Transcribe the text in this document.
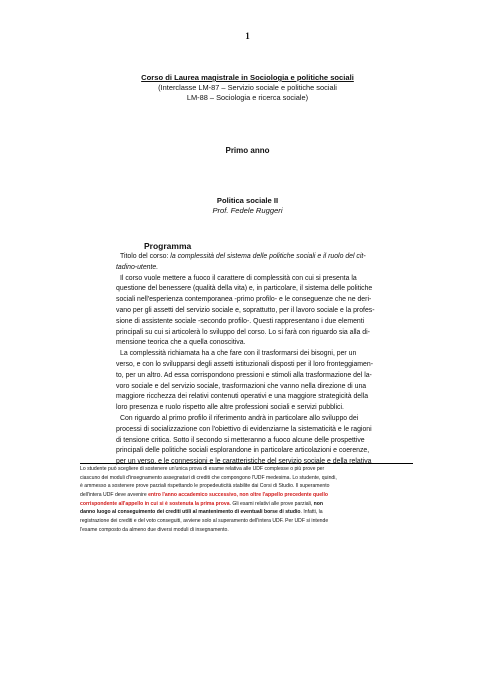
1
Corso di Laurea magistrale in Sociologia e politiche sociali
(Interclasse LM-87 – Servizio sociale e politiche sociali
LM-88 – Sociologia e ricerca sociale)
Primo anno
Politica sociale II
Prof. Fedele Ruggeri
Programma
Titolo del corso: la complessità del sistema delle politiche sociali e il ruolo del cit-
tadino-utente.
Il corso vuole mettere a fuoco il carattere di complessità con cui si presenta la
questione del benessere (qualità della vita) e, in particolare, il sistema delle politiche
sociali nell'esperienza contemporanea -primo profilo- e le conseguenze che ne deri-
vano per gli assetti del servizio sociale e, soprattutto, per il lavoro sociale e la profes-
sione di assistente sociale -secondo profilo-. Questi rappresentano i due elementi
principali su cui si articolerà lo sviluppo del corso. Lo si farà con riguardo sia alla di-
mensione teorica che a quella conoscitiva.
La complessità richiamata ha a che fare con il trasformarsi dei bisogni, per un
verso, e con lo svilupparsi degli assetti istituzionali disposti per il loro fronteggiamen-
to, per un altro. Ad essa corrispondono pressioni e stimoli alla trasformazione del la-
voro sociale e del servizio sociale, trasformazioni che vanno nella direzione di una
maggiore ricchezza dei relativi contenuti operativi e una maggiore strategicità della
loro presenza e ruolo rispetto alle altre professioni sociali e servizi pubblici.
Con riguardo al primo profilo il riferimento andrà in particolare allo sviluppo dei
processi di socializzazione con l'obiettivo di evidenziarne la sistematicità e le ragioni
di tensione critica. Sotto il secondo si metteranno a fuoco alcune delle prospettive
principali delle politiche sociali esplorandone in particolare articolazioni e coerenze,
per un verso, e le connessioni e le caratteristiche del servizio sociale e della relativa
Lo studente può scegliere di sostenere un'unica prova di esame relativa alle UDF complesse o più prove per
ciascuno dei moduli d'insegnamento assegnatari di crediti che compongono l'UDF medesima. Lo studente, quindi,
è ammesso a sostenere prove parziali rispettando le propedeuticità stabilite dai Corsi di Studio. Il superamento
dell'intera UDF deve avvenire entro l'anno accademico successivo, non oltre l'appello precedente quello
corrispondente all'appello in cui si è sostenuta la prima prova. Gli esami relativi alle prove parziali, non
danno luogo al conseguimento dei crediti utili al mantenimento di eventuali borse di studio. Infatti, la
registrazione dei crediti e del voto conseguiti, avviene solo al superamento dell'intera UDF. Per UDF si intende
l'esame composto da almeno due diversi moduli di insegnamento.
